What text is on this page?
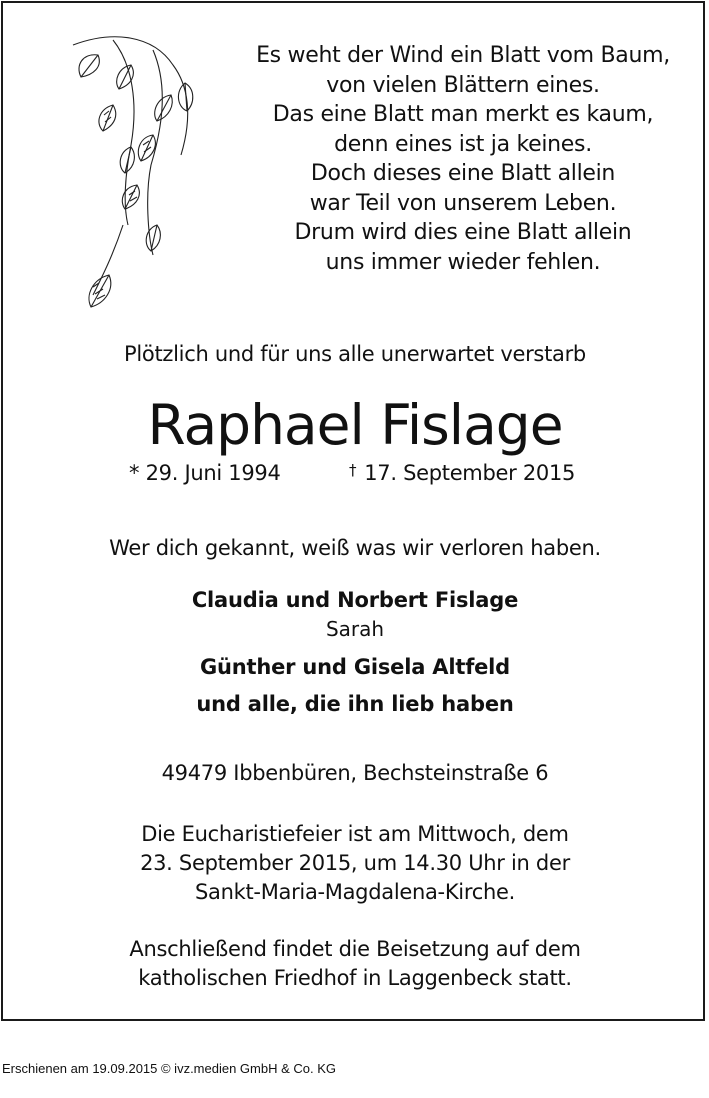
Es weht der Wind ein Blatt vom Baum,
von vielen Blättern eines.
Das eine Blatt man merkt es kaum,
denn eines ist ja keines.
Doch dieses eine Blatt allein
war Teil von unserem Leben.
Drum wird dies eine Blatt allein
uns immer wieder fehlen.
Plötzlich und für uns alle unerwartet verstarb
Raphael Fislage
* 29. Juni 1994	† 17. September 2015
Wer dich gekannt, weiß was wir verloren haben.
Claudia und Norbert Fislage
Sarah
Günther und Gisela Altfeld
und alle, die ihn lieb haben
49479 Ibbenbüren, Bechsteinstraße 6
Die Eucharistiefeier ist am Mittwoch, dem
23. September 2015, um 14.30 Uhr in der
Sankt-Maria-Magdalena-Kirche.
Anschließend findet die Beisetzung auf dem
katholischen Friedhof in Laggenbeck statt.
Erschienen am 19.09.2015 © ivz.medien GmbH & Co. KG
